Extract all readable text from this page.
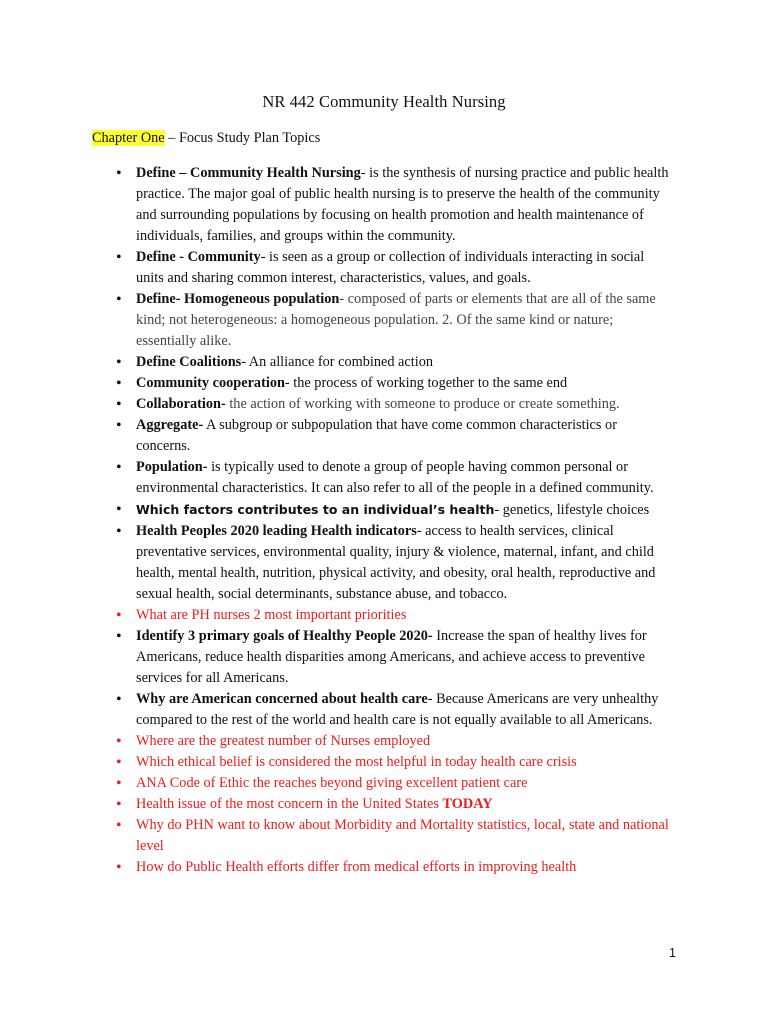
NR 442 Community Health Nursing

Chapter One – Focus Study Plan Topics

• Define – Community Health Nursing- is the synthesis of nursing practice and public health practice. The major goal of public health nursing is to preserve the health of the community and surrounding populations by focusing on health promotion and health maintenance of individuals, families, and groups within the community.
• Define - Community- is seen as a group or collection of individuals interacting in social units and sharing common interest, characteristics, values, and goals.
• Define- Homogeneous population- composed of parts or elements that are all of the same kind; not heterogeneous: a homogeneous population. 2. Of the same kind or nature; essentially alike.
• Define Coalitions- An alliance for combined action
• Community cooperation- the process of working together to the same end
• Collaboration- the action of working with someone to produce or create something.
• Aggregate- A subgroup or subpopulation that have come common characteristics or concerns.
• Population- is typically used to denote a group of people having common personal or environmental characteristics. It can also refer to all of the people in a defined community.
• Which factors contributes to an individual’s health- genetics, lifestyle choices
• Health Peoples 2020 leading Health indicators- access to health services, clinical preventative services, environmental quality, injury & violence, maternal, infant, and child health, mental health, nutrition, physical activity, and obesity, oral health, reproductive and sexual health, social determinants, substance abuse, and tobacco.
• What are PH nurses 2 most important priorities
• Identify 3 primary goals of Healthy People 2020- Increase the span of healthy lives for Americans, reduce health disparities among Americans, and achieve access to preventive services for all Americans.
• Why are American concerned about health care- Because Americans are very unhealthy compared to the rest of the world and health care is not equally available to all Americans.
• Where are the greatest number of Nurses employed
• Which ethical belief is considered the most helpful in today health care crisis
• ANA Code of Ethic the reaches beyond giving excellent patient care
• Health issue of the most concern in the United States TODAY
• Why do PHN want to know about Morbidity and Mortality statistics, local, state and national level
• How do Public Health efforts differ from medical efforts in improving health
1
